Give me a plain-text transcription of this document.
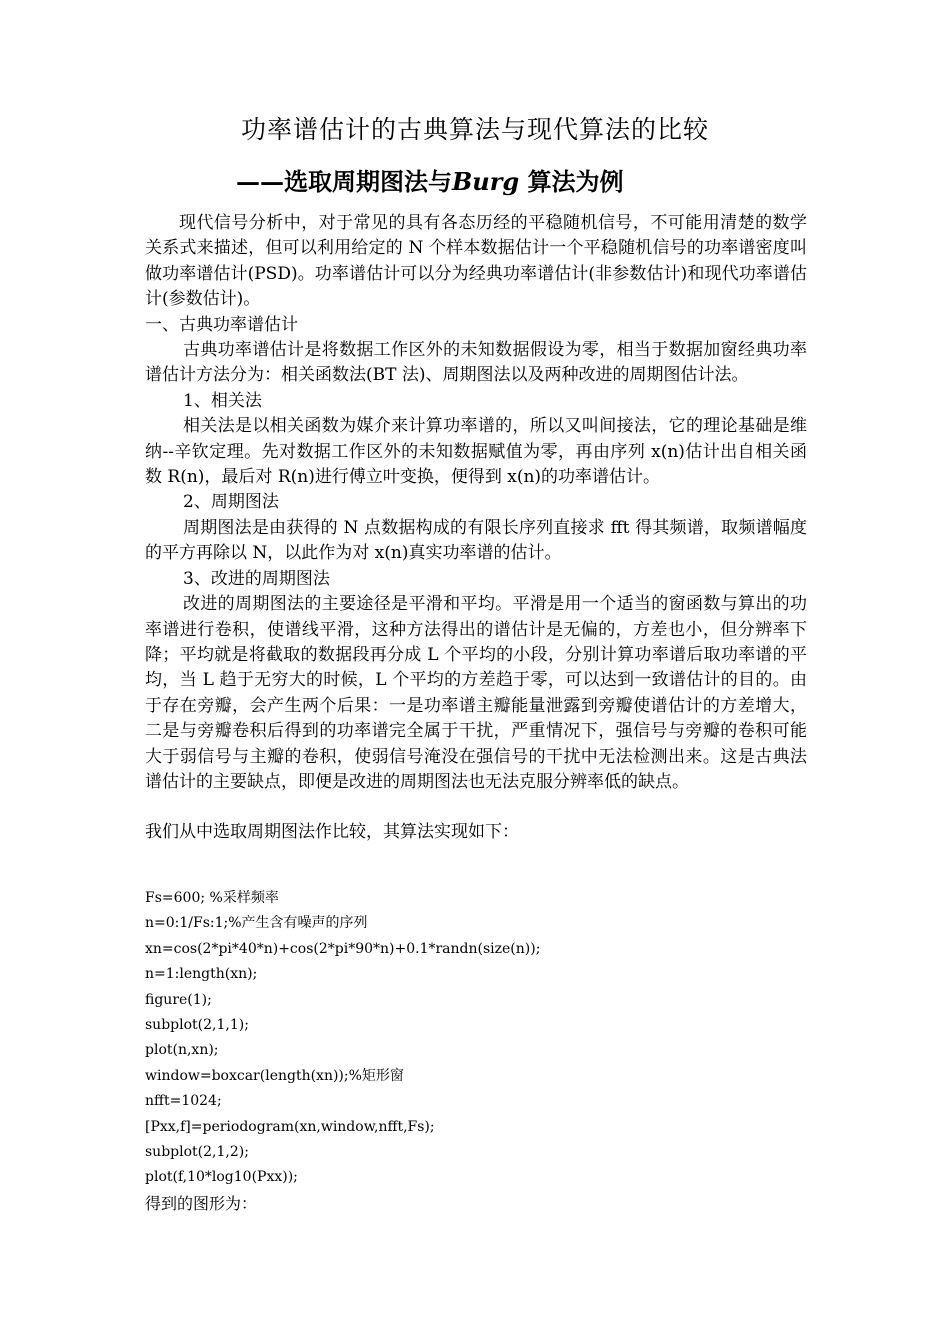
功率谱估计的古典算法与现代算法的比较
——选取周期图法与Burg 算法为例

现代信号分析中，对于常见的具有各态历经的平稳随机信号，不可能用清楚的数学关系式来描述，但可以利用给定的 N 个样本数据估计一个平稳随机信号的功率谱密度叫做功率谱估计(PSD)。功率谱估计可以分为经典功率谱估计(非参数估计)和现代功率谱估计(参数估计)。

一、古典功率谱估计

古典功率谱估计是将数据工作区外的未知数据假设为零，相当于数据加窗经典功率谱估计方法分为：相关函数法(BT 法)、周期图法以及两种改进的周期图估计法。

1、相关法

相关法是以相关函数为媒介来计算功率谱的，所以又叫间接法，它的理论基础是维纳--辛钦定理。先对数据工作区外的未知数据赋值为零，再由序列 x(n)估计出自相关函数 R(n)，最后对 R(n)进行傅立叶变换，便得到 x(n)的功率谱估计。

2、周期图法

周期图法是由获得的 N 点数据构成的有限长序列直接求 fft 得其频谱，取频谱幅度的平方再除以 N，以此作为对 x(n)真实功率谱的估计。

3、改进的周期图法

改进的周期图法的主要途径是平滑和平均。平滑是用一个适当的窗函数与算出的功率谱进行卷积，使谱线平滑，这种方法得出的谱估计是无偏的，方差也小，但分辨率下降；平均就是将截取的数据段再分成 L 个平均的小段，分别计算功率谱后取功率谱的平均，当 L 趋于无穷大的时候，L 个平均的方差趋于零，可以达到一致谱估计的目的。由于存在旁瓣，会产生两个后果：一是功率谱主瓣能量泄露到旁瓣使谱估计的方差增大，二是与旁瓣卷积后得到的功率谱完全属于干扰，严重情况下，强信号与旁瓣的卷积可能大于弱信号与主瓣的卷积，使弱信号淹没在强信号的干扰中无法检测出来。这是古典法谱估计的主要缺点，即便是改进的周期图法也无法克服分辨率低的缺点。

我们从中选取周期图法作比较，其算法实现如下：

Fs=600; %采样频率
n=0:1/Fs:1;%产生含有噪声的序列
xn=cos(2*pi*40*n)+cos(2*pi*90*n)+0.1*randn(size(n));
n=1:length(xn);
figure(1);
subplot(2,1,1);
plot(n,xn);
window=boxcar(length(xn));%矩形窗
nfft=1024;
[Pxx,f]=periodogram(xn,window,nfft,Fs);
subplot(2,1,2);
plot(f,10*log10(Pxx));
得到的图形为：
